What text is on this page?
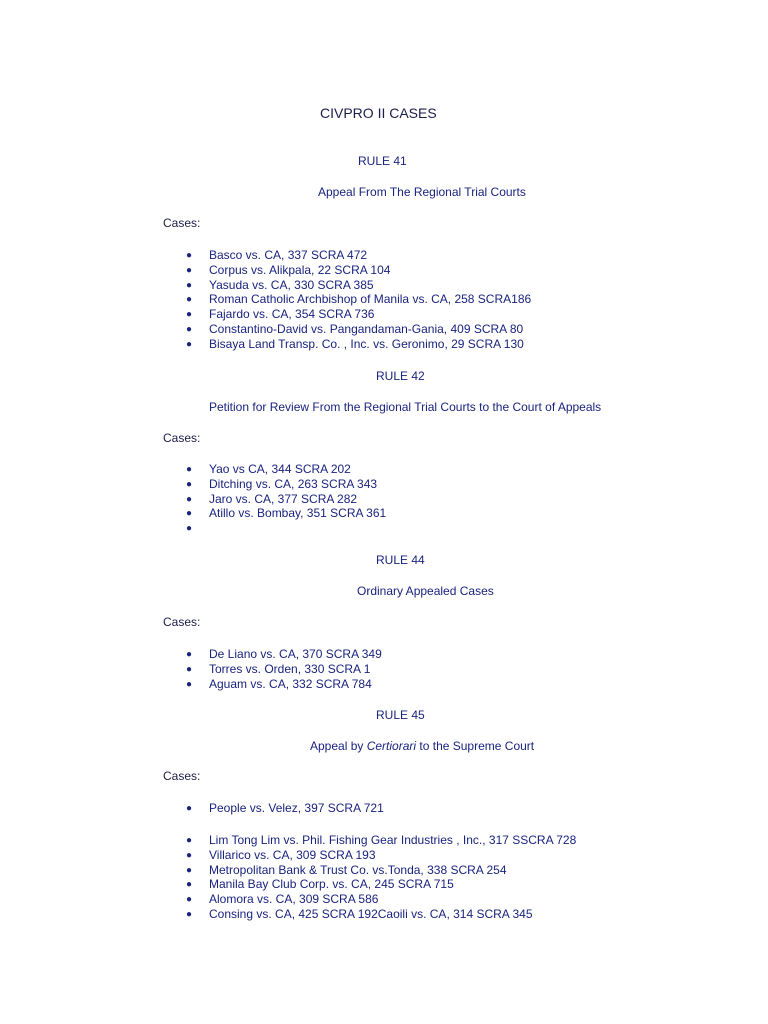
CIVPRO II CASES
RULE 41
Appeal From The Regional Trial Courts
Cases:
● Basco vs. CA, 337 SCRA 472
● Corpus vs. Alikpala, 22 SCRA 104
● Yasuda vs. CA, 330 SCRA 385
● Roman Catholic Archbishop of Manila vs. CA, 258 SCRA186
● Fajardo vs. CA, 354 SCRA 736
● Constantino-David vs. Pangandaman-Gania, 409 SCRA 80
● Bisaya Land Transp. Co. , Inc. vs. Geronimo, 29 SCRA 130
RULE 42
Petition for Review From the Regional Trial Courts to the Court of Appeals
Cases:
● Yao vs CA, 344 SCRA 202
● Ditching vs. CA, 263 SCRA 343
● Jaro vs. CA, 377 SCRA 282
● Atillo vs. Bombay, 351 SCRA 361
●
RULE 44
Ordinary Appealed Cases
Cases:
● De Liano vs. CA, 370 SCRA 349
● Torres vs. Orden, 330 SCRA 1
● Aguam vs. CA, 332 SCRA 784
RULE 45
Appeal by Certiorari to the Supreme Court
Cases:
● People vs. Velez, 397 SCRA 721
● Lim Tong Lim vs. Phil. Fishing Gear Industries , Inc., 317 SSCRA 728
● Villarico vs. CA, 309 SCRA 193
● Metropolitan Bank & Trust Co. vs.Tonda, 338 SCRA 254
● Manila Bay Club Corp. vs. CA, 245 SCRA 715
● Alomora vs. CA, 309 SCRA 586
● Consing vs. CA, 425 SCRA 192Caoili vs. CA, 314 SCRA 345
